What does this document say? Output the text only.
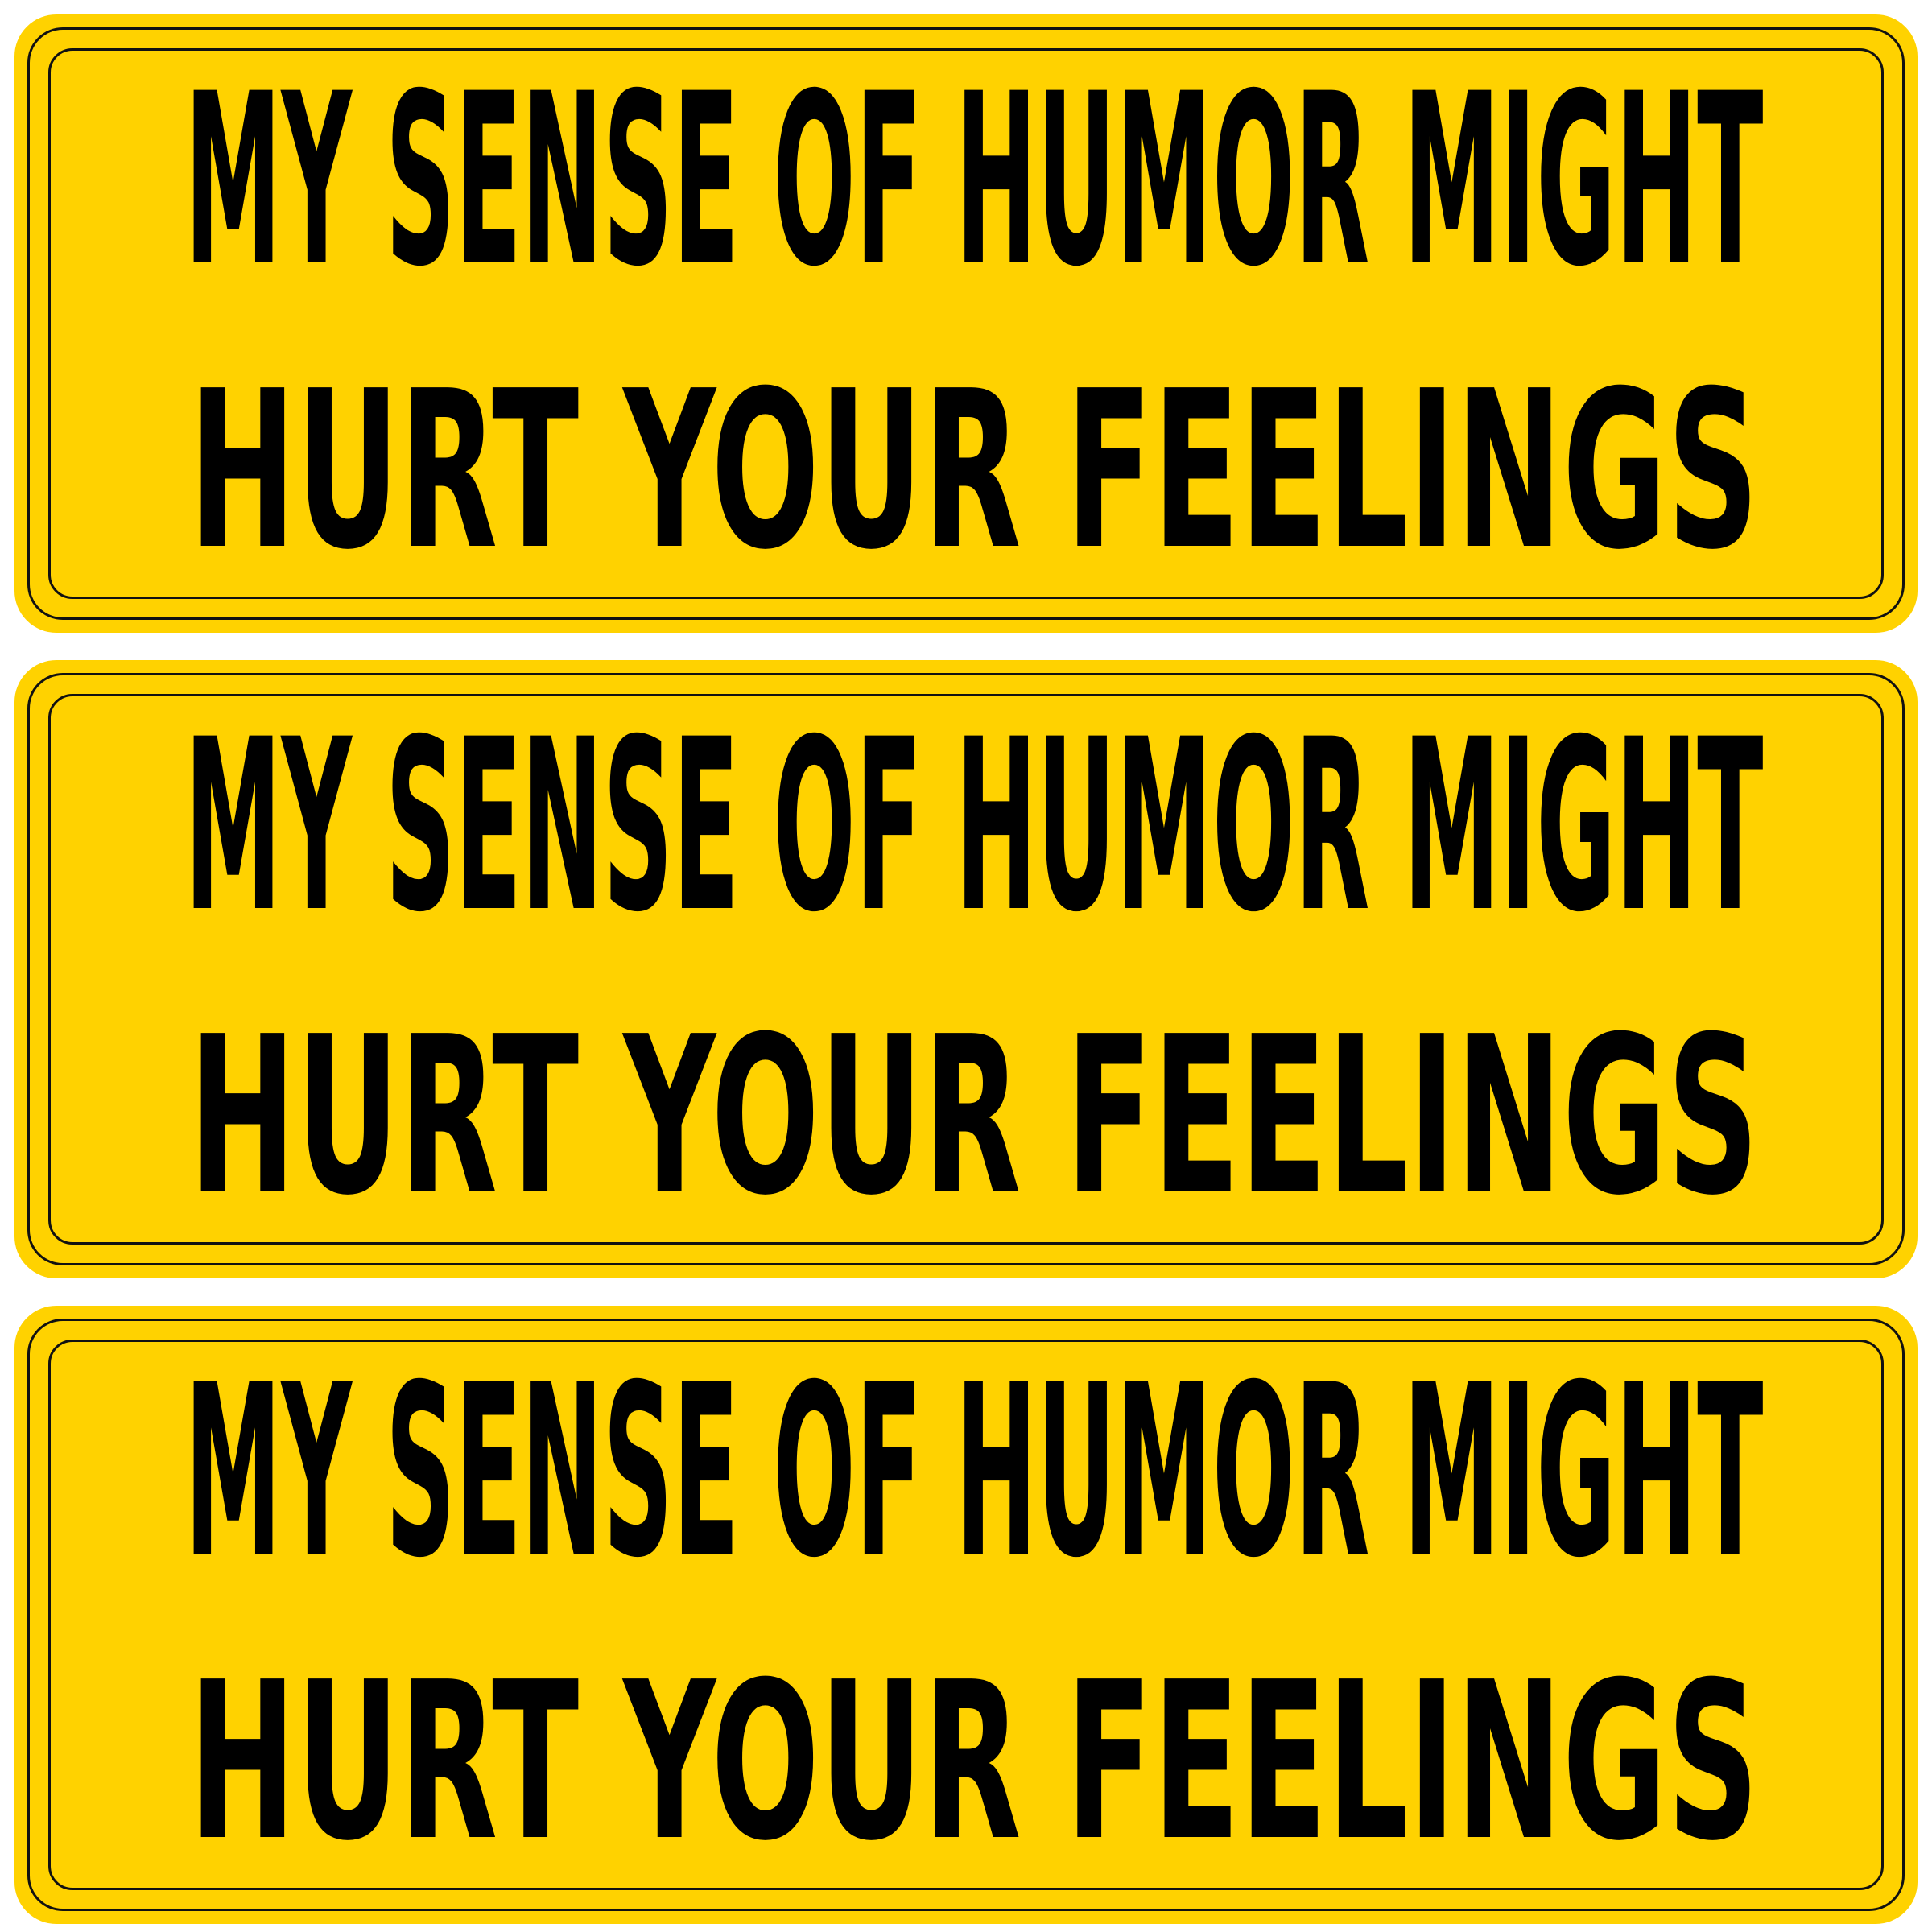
MY SENSE OF HUMOR MIGHT
HURT YOUR FEELINGS
MY SENSE OF HUMOR MIGHT
HURT YOUR FEELINGS
MY SENSE OF HUMOR MIGHT
HURT YOUR FEELINGS
